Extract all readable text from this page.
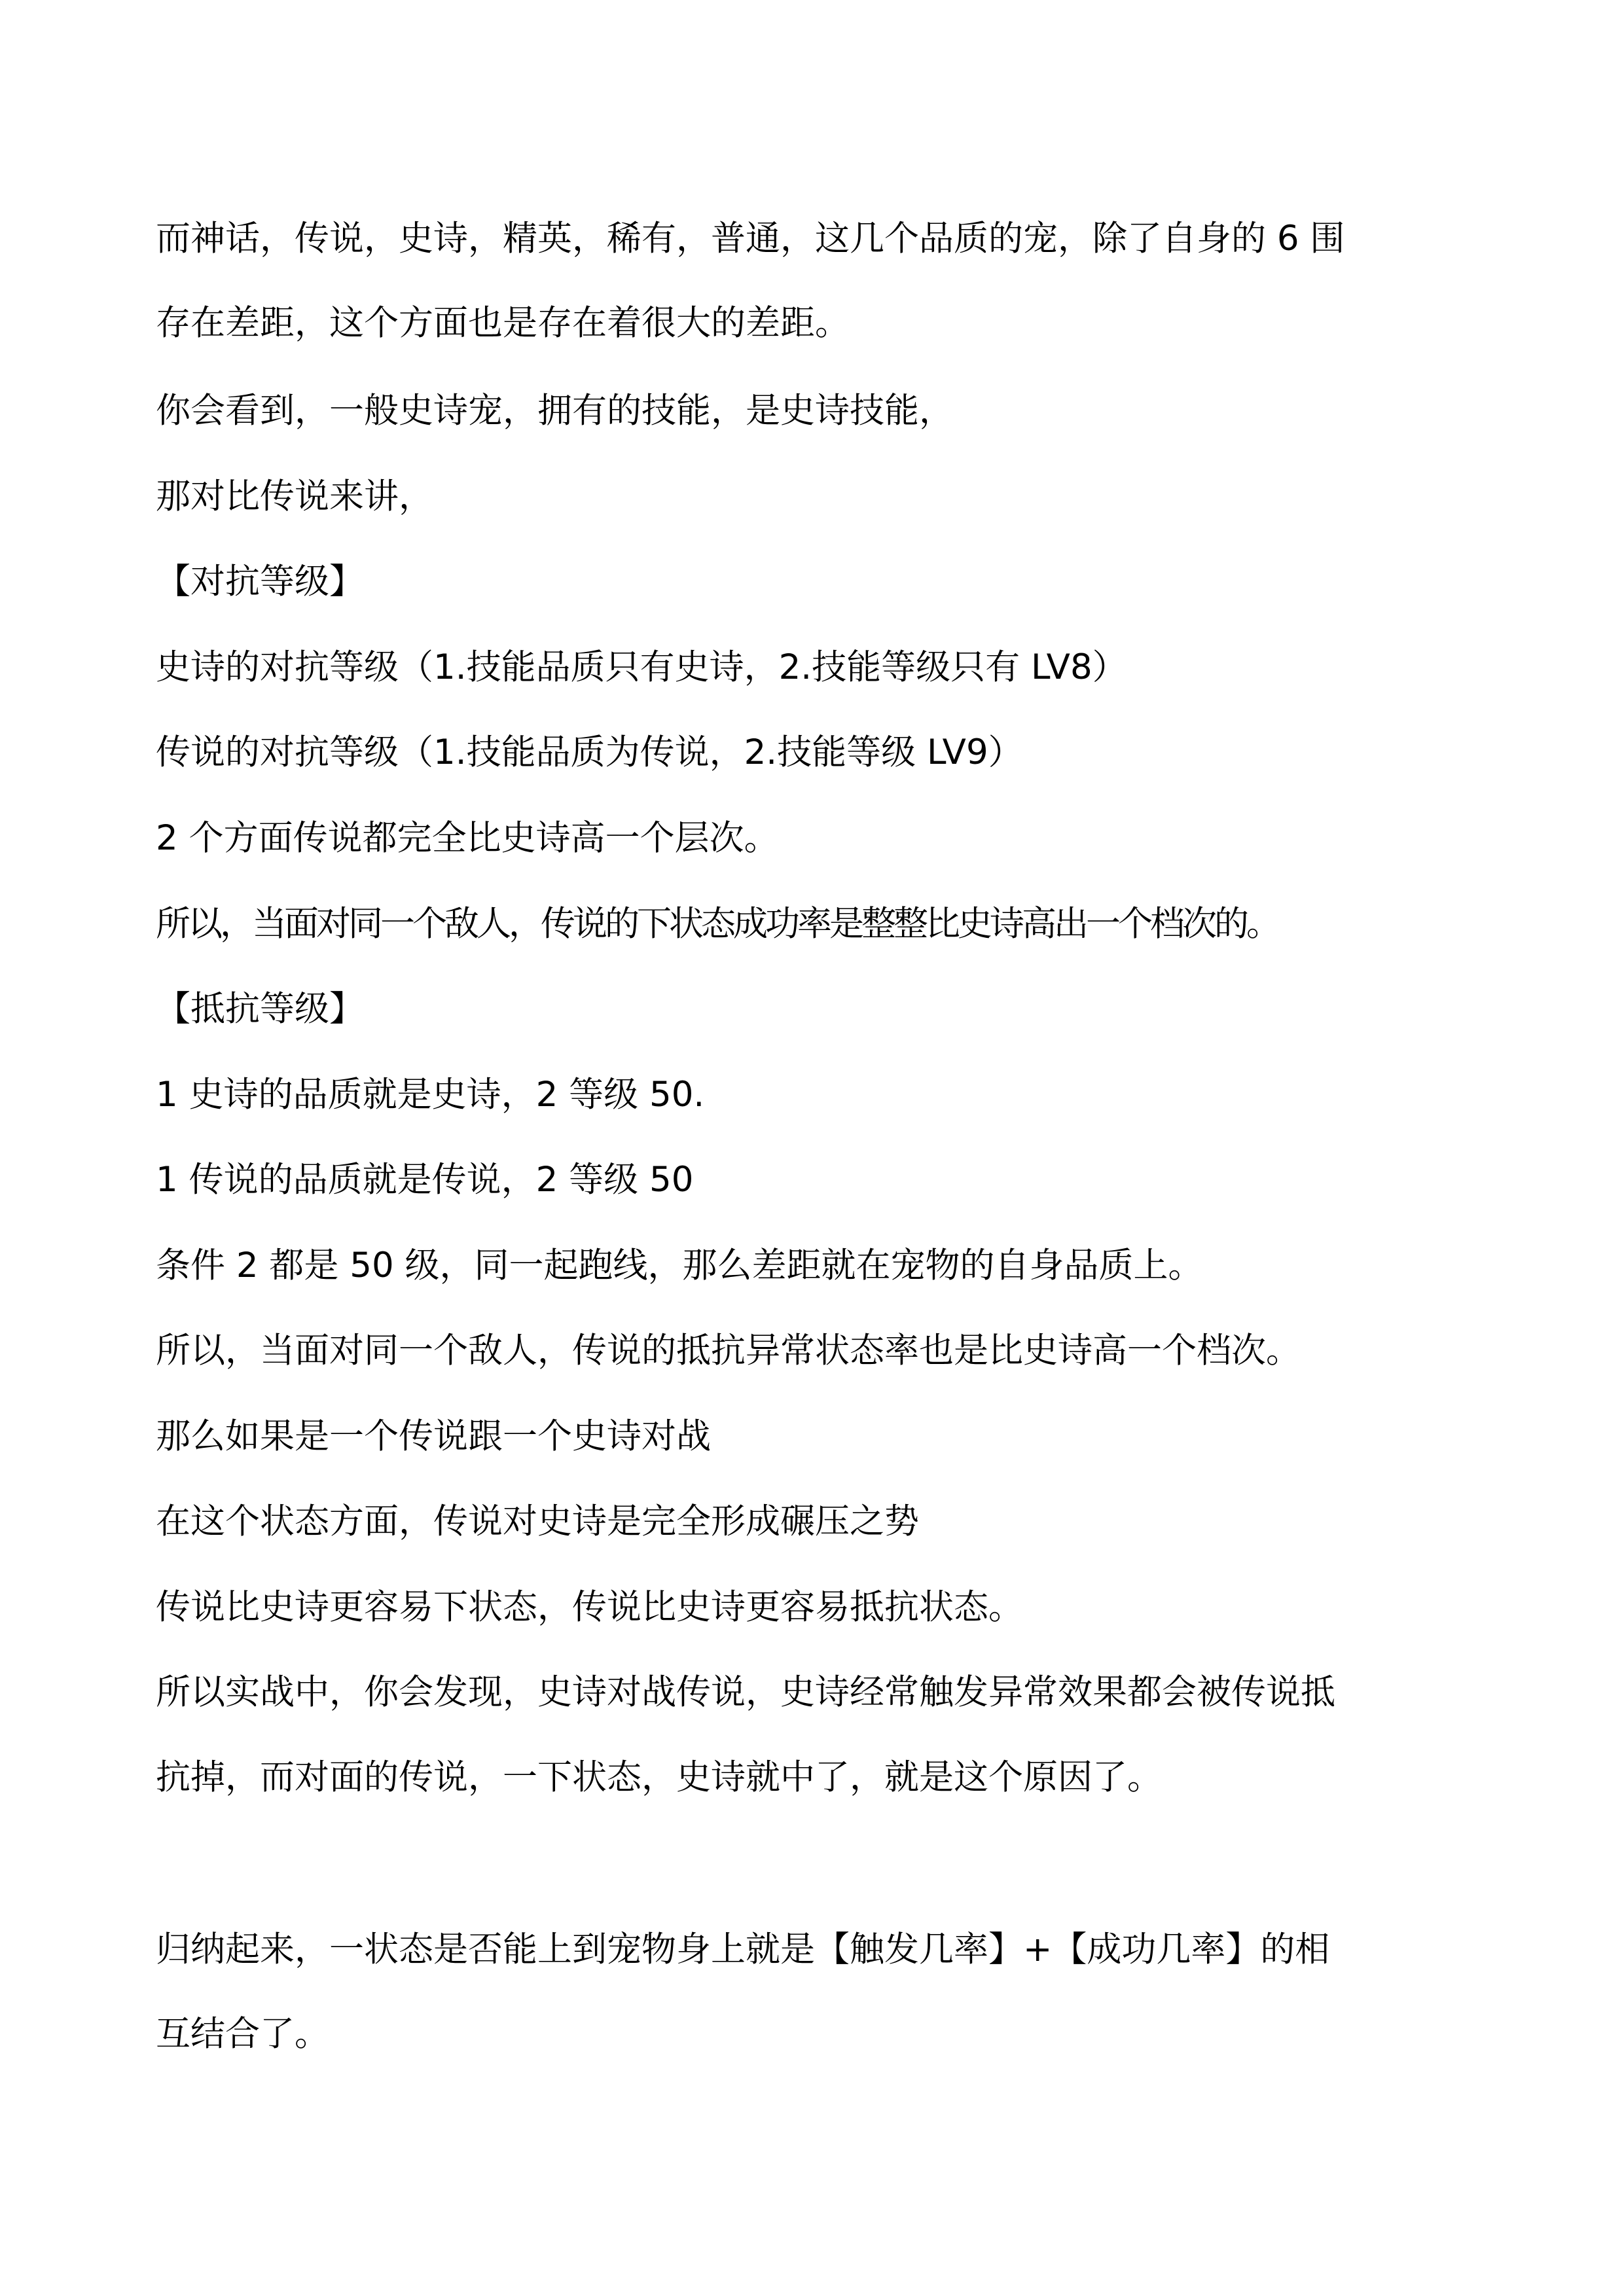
而神话，传说，史诗，精英，稀有，普通，这几个品质的宠，除了自身的 6 围
存在差距，这个方面也是存在着很大的差距。
你会看到，一般史诗宠，拥有的技能，是史诗技能，
那对比传说来讲，
【对抗等级】
史诗的对抗等级（1.技能品质只有史诗，2.技能等级只有 LV8）
传说的对抗等级（1.技能品质为传说，2.技能等级 LV9）
2 个方面传说都完全比史诗高一个层次。
所以，当面对同一个敌人，传说的下状态成功率是整整比史诗高出一个档次的。
【抵抗等级】
1 史诗的品质就是史诗，2 等级 50.
1 传说的品质就是传说，2 等级 50
条件 2 都是 50 级，同一起跑线，那么差距就在宠物的自身品质上。
所以，当面对同一个敌人，传说的抵抗异常状态率也是比史诗高一个档次。
那么如果是一个传说跟一个史诗对战
在这个状态方面，传说对史诗是完全形成碾压之势
传说比史诗更容易下状态，传说比史诗更容易抵抗状态。
所以实战中，你会发现，史诗对战传说，史诗经常触发异常效果都会被传说抵
抗掉，而对面的传说，一下状态，史诗就中了，就是这个原因了。
归纳起来，一状态是否能上到宠物身上就是【触发几率】+【成功几率】的相
互结合了。
